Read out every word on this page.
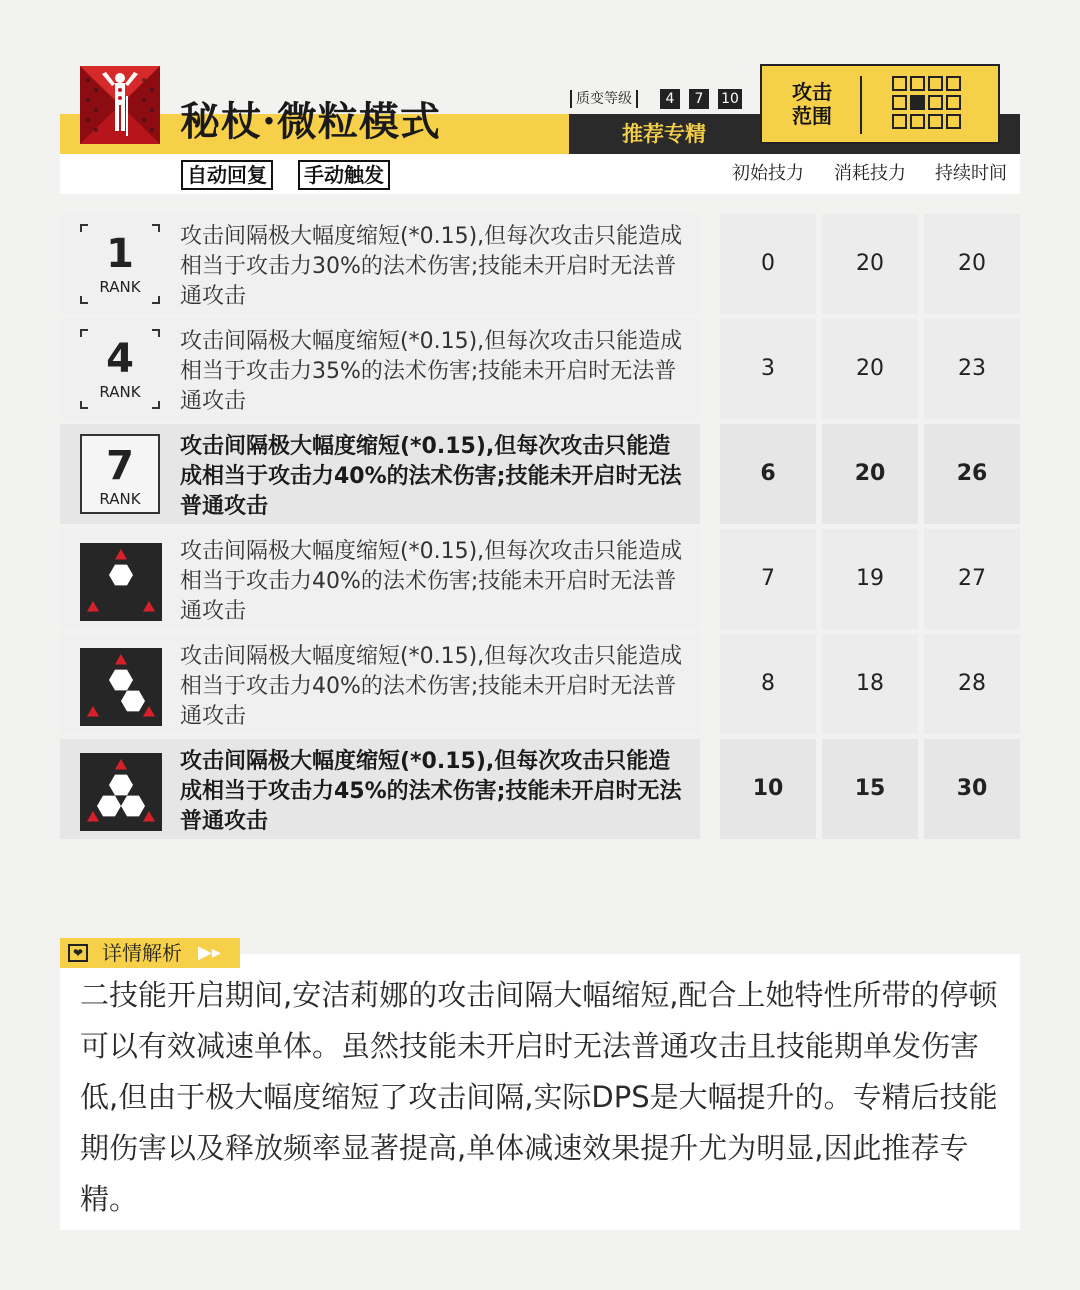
秘杖·微粒模式	质变等级	4	7	10
推荐专精
攻击
范围
自动回复	手动触发	初始技力	消耗技力	持续时间
1
RANK
攻击间隔极大幅度缩短(*0.15),但每次攻击只能造成相当于攻击力30%的法术伤害;技能未开启时无法普通攻击
0	20	20
4
RANK
攻击间隔极大幅度缩短(*0.15),但每次攻击只能造成相当于攻击力35%的法术伤害;技能未开启时无法普通攻击
3	20	23
7
RANK
攻击间隔极大幅度缩短(*0.15),但每次攻击只能造成相当于攻击力40%的法术伤害;技能未开启时无法普通攻击
6	20	26
攻击间隔极大幅度缩短(*0.15),但每次攻击只能造成相当于攻击力40%的法术伤害;技能未开启时无法普通攻击
7	19	27
攻击间隔极大幅度缩短(*0.15),但每次攻击只能造成相当于攻击力40%的法术伤害;技能未开启时无法普通攻击
8	18	28
攻击间隔极大幅度缩短(*0.15),但每次攻击只能造成相当于攻击力45%的法术伤害;技能未开启时无法普通攻击
10	15	30
❤ 详情解析 ▶▸
二技能开启期间,安洁莉娜的攻击间隔大幅缩短,配合上她特性所带的停顿可以有效减速单体。虽然技能未开启时无法普通攻击且技能期单发伤害低,但由于极大幅度缩短了攻击间隔,实际DPS是大幅提升的。专精后技能期伤害以及释放频率显著提高,单体减速效果提升尤为明显,因此推荐专精。
